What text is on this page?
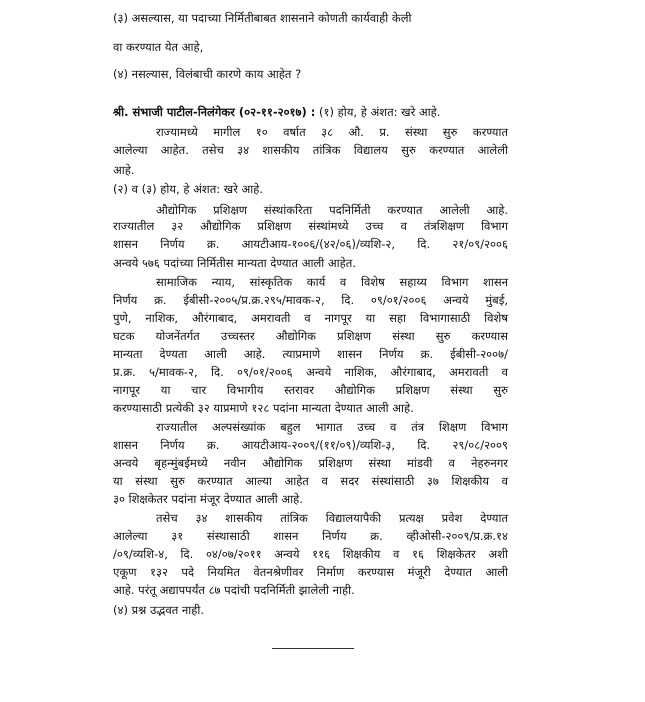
(३) असल्यास, या पदाच्या निर्मितीबाबत शासनाने कोणती कार्यवाही केली
वा करण्यात येत आहे,
(४) नसल्यास, विलंबाची कारणे काय आहेत ?
श्री. संभाजी पाटील-निलंगेकर (०२-११-२०१७) : (१) होय, हे अंशत: खरे आहे.
राज्यामध्ये मागील १० वर्षात ३८ औ. प्र. संस्था सुरु करण्यात
आलेल्या आहेत. तसेच ३४ शासकीय तांत्रिक विद्यालय सुरु करण्यात आलेली
आहे.
(२) व (३) होय, हे अंशत: खरे आहे.
औद्योगिक प्रशिक्षण संस्थांकरिता पदनिर्मिती करण्यात आलेली आहे.
राज्यातील ३२ औद्योगिक प्रशिक्षण संस्थांमध्ये उच्च व तंत्रशिक्षण विभाग
शासन निर्णय क्र. आयटीआय-१००६/(४२/०६)/व्यशि-२, दि. २१/०९/२००६
अन्वये ५७६ पदांच्या निर्मितीस मान्यता देण्यात आली आहेत.
सामाजिक न्याय, सांस्कृतिक कार्य व विशेष सहाय्य विभाग शासन
निर्णय क्र. ईबीसी-२००५/प्र.क्र.२९५/मावक-२, दि. ०९/०१/२००६ अन्वये मुंबई,
पुणे, नाशिक, औरंगाबाद, अमरावती व नागपूर या सहा विभागासाठी विशेष
घटक योजनेंतर्गत उच्चस्तर औद्योगिक प्रशिक्षण संस्था सुरु करण्यास
मान्यता देण्यता आली आहे. त्याप्रमाणे शासन निर्णय क्र. ईबीसी-२००७/
प्र.क्र. ५/मावक-२, दि. ०९/०१/२००६ अन्वये नाशिक, औरंगाबाद, अमरावती व
नागपूर या चार विभागीय स्तरावर औद्योगिक प्रशिक्षण संस्था सुरु
करण्यासाठी प्रत्येकी ३२ याप्रमाणे १२८ पदांना मान्यता देण्यात आली आहे.
राज्यातील अल्पसंख्यांक बहुल भागात उच्च व तंत्र शिक्षण विभाग
शासन निर्णय क्र. आयटीआय-२००९/(११/०९)/व्यशि-३, दि. २९/०८/२००९
अन्वये बृहन्मुंबईमध्ये नवीन औद्योगिक प्रशिक्षण संस्था मांडवी व नेहरुनगर
या संस्था सुरु करण्यात आल्या आहेत व सदर संस्थांसाठी ३७ शिक्षकीय व
३० शिक्षकेतर पदांना मंजूर देण्यात आली आहे.
तसेच ३४ शासकीय तांत्रिक विद्यालयापैकी प्रत्यक्ष प्रवेश देण्यात
आलेल्या ३१ संस्थासाठी शासन निर्णय क्र. व्हीओसी-२००९/प्र.क्र.१४
/०९/व्यशि-४, दि. ०४/०७/२०११ अन्वये ११६ शिक्षकीय व १६ शिक्षकेतर अशी
एकूण १३२ पदे नियमित वेतनश्रेणीवर निर्माण करण्यास मंजूरी देण्यात आली
आहे. परंतू अद्यापपर्यंत ८७ पदांची पदनिर्मिती झालेली नाही.
(४) प्रश्न उद्भवत नाही.
